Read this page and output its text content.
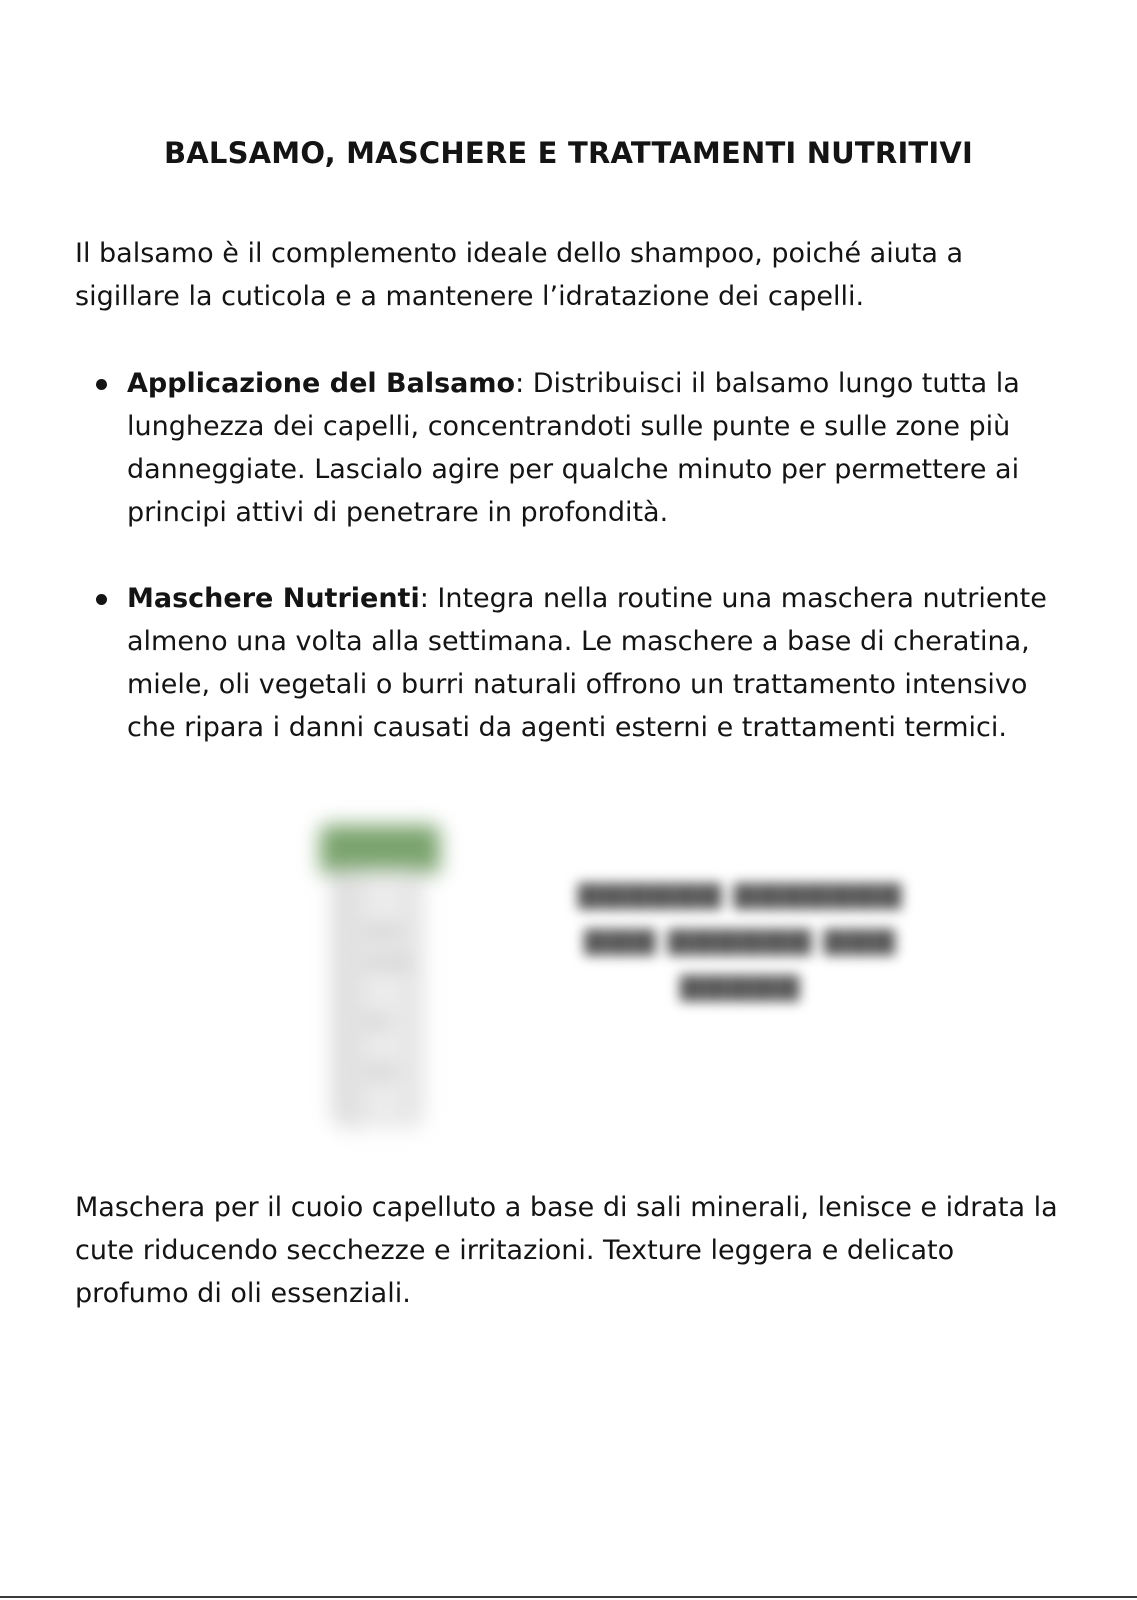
BALSAMO, MASCHERE E TRATTAMENTI NUTRITIVI
Il balsamo è il complemento ideale dello shampoo, poiché aiuta a sigillare la cuticola e a mantenere l’idratazione dei capelli.
Applicazione del Balsamo: Distribuisci il balsamo lungo tutta la lunghezza dei capelli, concentrandoti sulle punte e sulle zone più danneggiate. Lascialo agire per qualche minuto per permettere ai principi attivi di penetrare in profondità.
Maschere Nutrienti: Integra nella routine una maschera nutriente almeno una volta alla settimana. Le maschere a base di cheratina, miele, oli vegetali o burri naturali offrono un trattamento intensivo che ripara i danni causati da agenti esterni e trattamenti termici.
▆▆▆▆▆▆ ▆▆▆▆▆▆▆
▆▆▆ ▆▆▆▆▆▆ ▆▆▆
▆▆▆▆▆
Maschera per il cuoio capelluto a base di sali minerali, lenisce e idrata la cute riducendo secchezze e irritazioni. Texture leggera e delicato profumo di oli essenziali.
